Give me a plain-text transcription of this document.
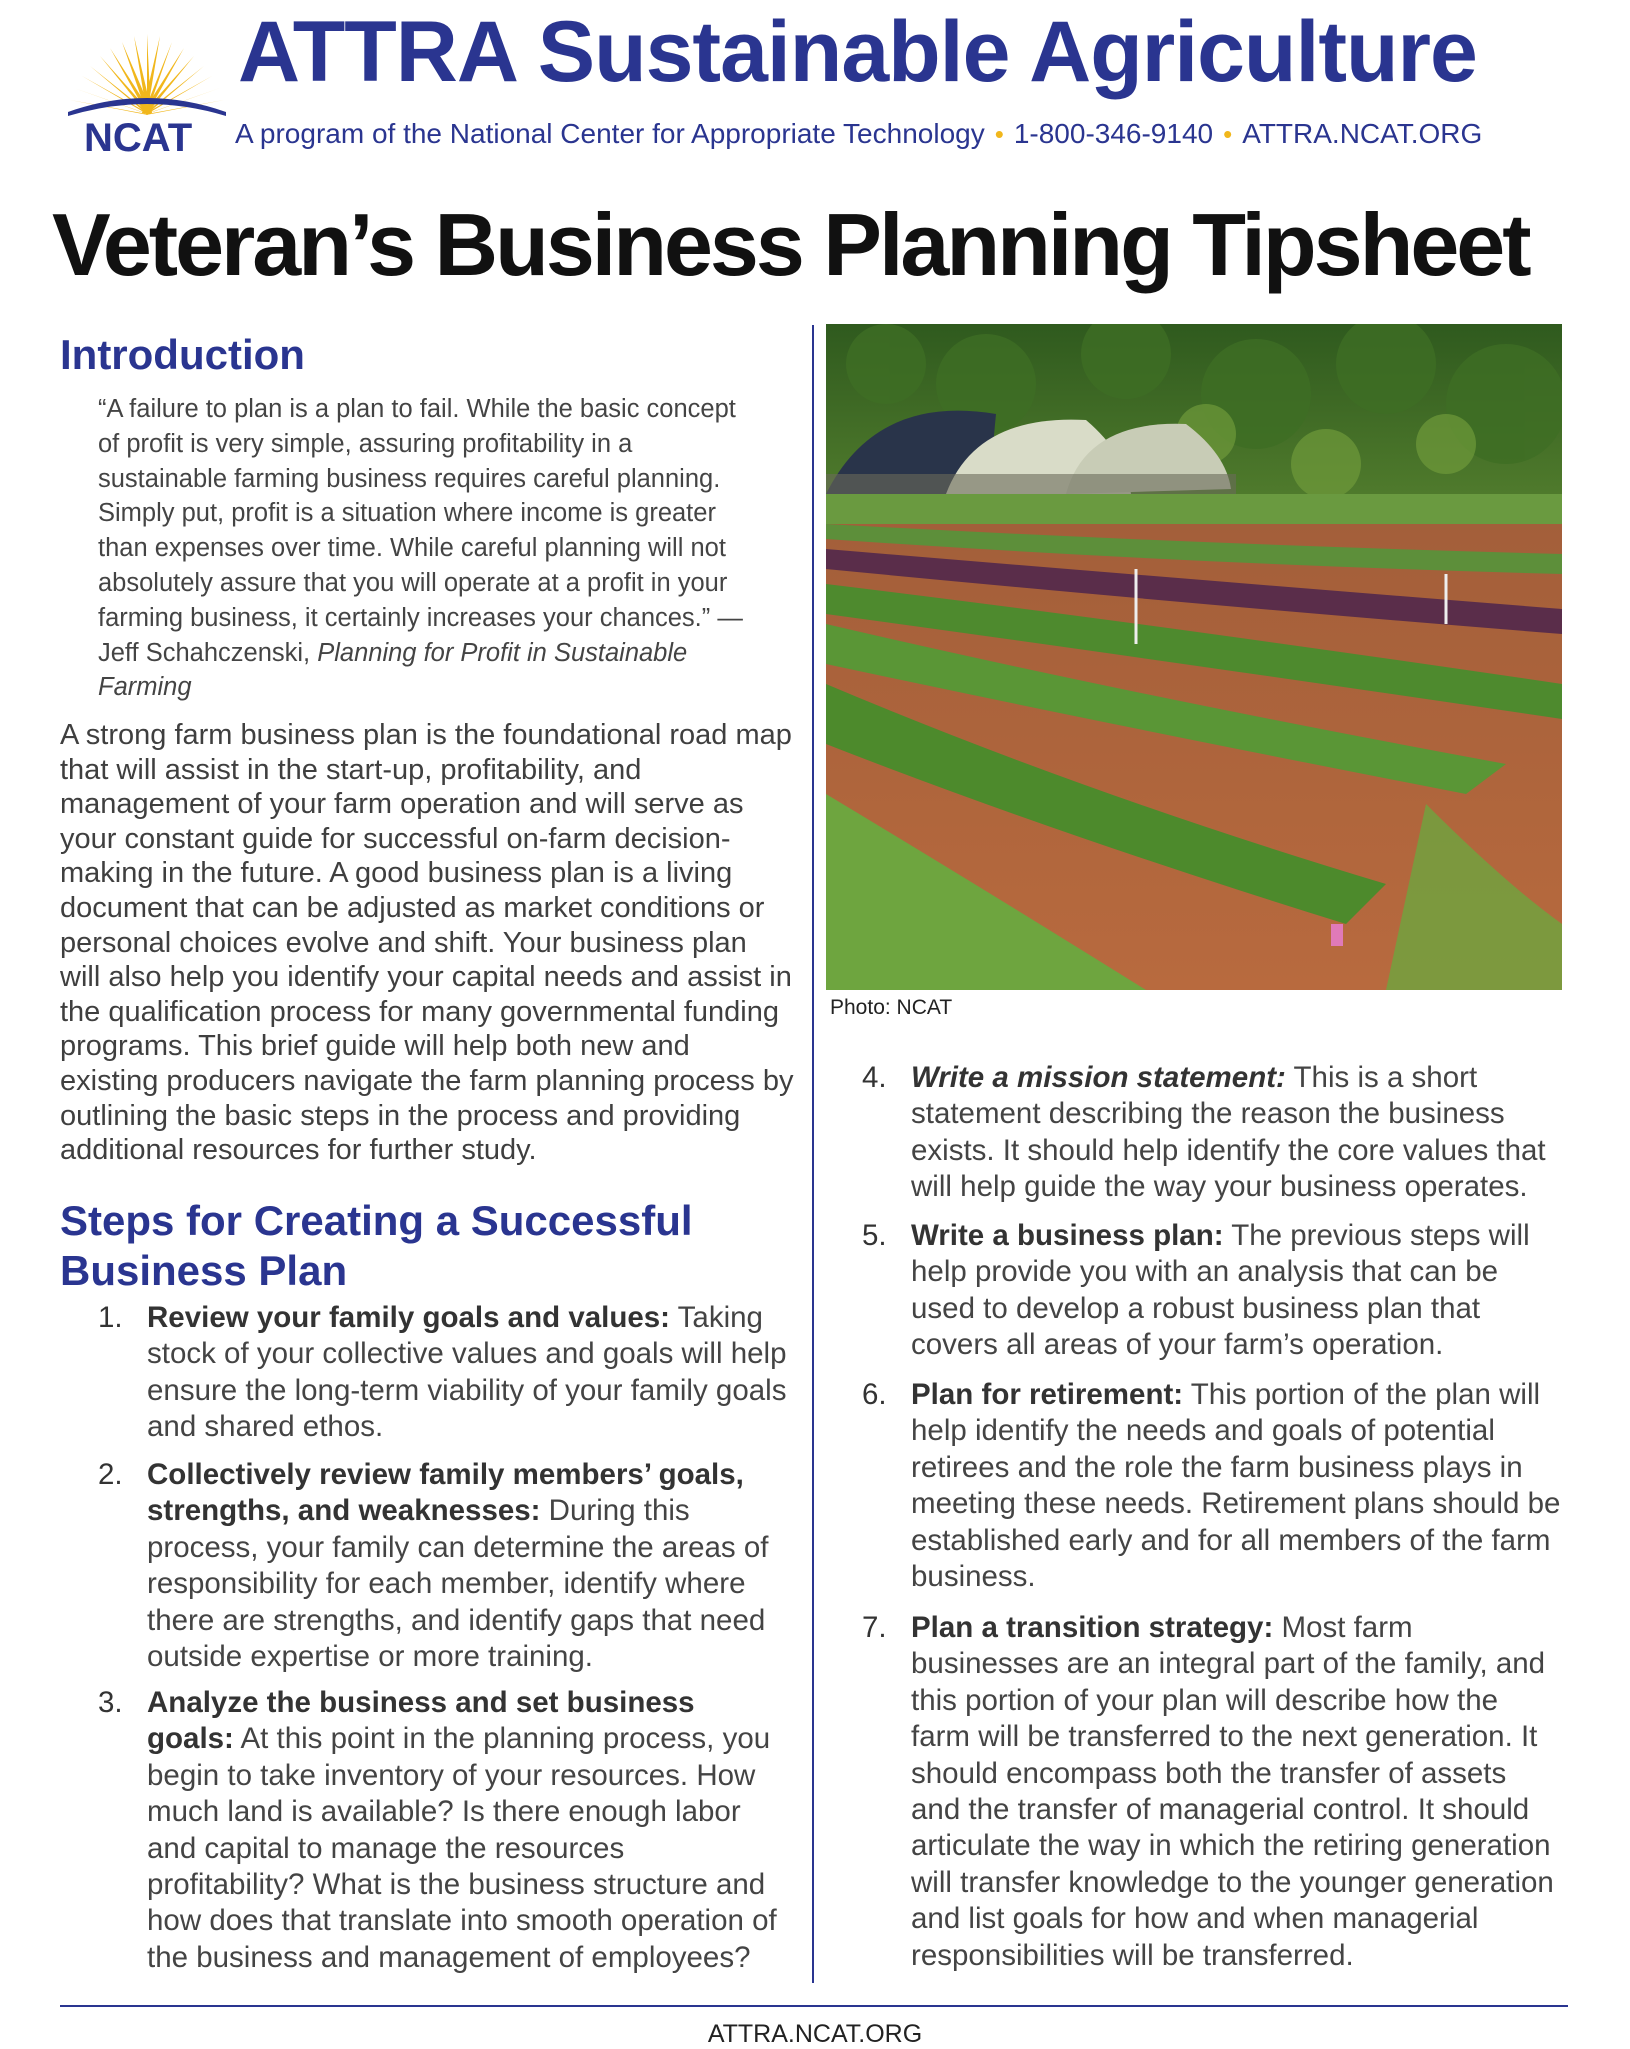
NCAT
ATTRA Sustainable Agriculture
A program of the National Center for Appropriate Technology • 1-800-346-9140 • ATTRA.NCAT.ORG
Veteran’s Business Planning Tipsheet
Introduction
“A failure to plan is a plan to fail. While the basic concept of profit is very simple, assuring profitability in a sustainable farming business requires careful planning. Simply put, profit is a situation where income is greater than expenses over time. While careful planning will not absolutely assure that you will operate at a profit in your farming business, it certainly increases your chances.” —Jeff Schahczenski, Planning for Profit in Sustainable Farming
A strong farm business plan is the foundational road map that will assist in the start-up, profitability, and management of your farm operation and will serve as your constant guide for successful on-farm decision-making in the future. A good business plan is a living document that can be adjusted as market conditions or personal choices evolve and shift. Your business plan will also help you identify your capital needs and assist in the qualification process for many governmental funding programs. This brief guide will help both new and existing producers navigate the farm planning process by outlining the basic steps in the process and providing additional resources for further study.
Steps for Creating a Successful Business Plan
1. Review your family goals and values: Taking stock of your collective values and goals will help ensure the long-term viability of your family goals and shared ethos.
2. Collectively review family members’ goals, strengths, and weaknesses: During this process, your family can determine the areas of responsibility for each member, identify where there are strengths, and identify gaps that need outside expertise or more training.
3. Analyze the business and set business goals: At this point in the planning process, you begin to take inventory of your resources. How much land is available? Is there enough labor and capital to manage the resources profitability? What is the business structure and how does that translate into smooth operation of the business and management of employees?
Photo: NCAT
4. Write a mission statement: This is a short statement describing the reason the business exists. It should help identify the core values that will help guide the way your business operates.
5. Write a business plan: The previous steps will help provide you with an analysis that can be used to develop a robust business plan that covers all areas of your farm’s operation.
6. Plan for retirement: This portion of the plan will help identify the needs and goals of potential retirees and the role the farm business plays in meeting these needs. Retirement plans should be established early and for all members of the farm business.
7. Plan a transition strategy: Most farm businesses are an integral part of the family, and this portion of your plan will describe how the farm will be transferred to the next generation. It should encompass both the transfer of assets and the transfer of managerial control. It should articulate the way in which the retiring generation will transfer knowledge to the younger generation and list goals for how and when managerial responsibilities will be transferred.
ATTRA.NCAT.ORG
